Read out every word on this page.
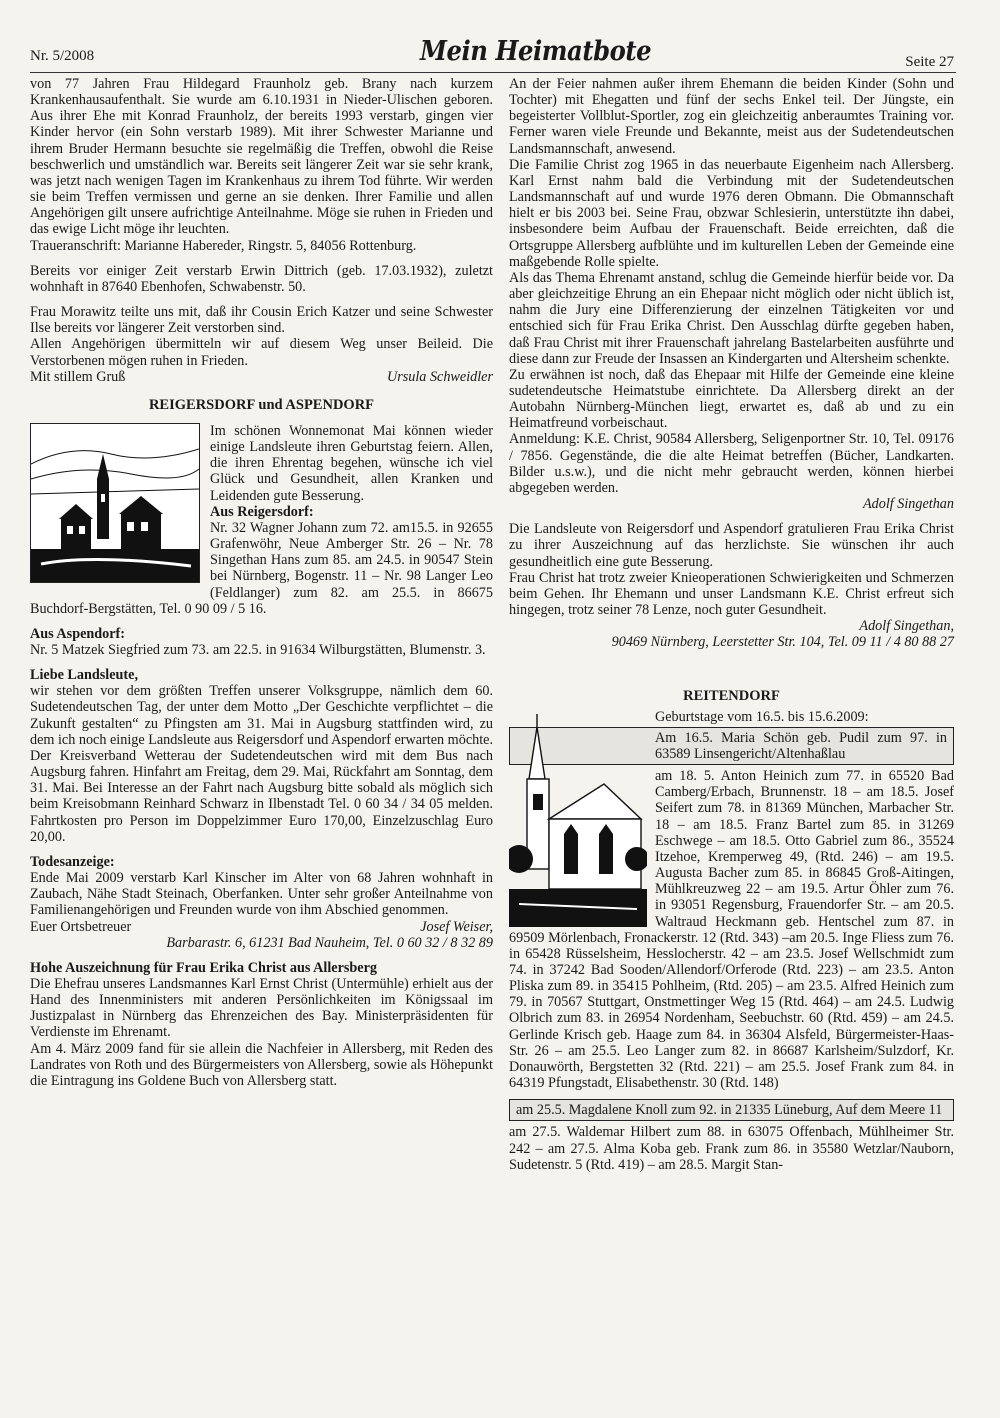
Nr. 5/2008	Mein Heimatbote	Seite 27

von 77 Jahren Frau Hildegard Fraunholz geb. Brany nach kurzem Krankenhausaufenthalt. Sie wurde am 6.10.1931 in Nieder-Ulischen geboren. Aus ihrer Ehe mit Konrad Fraunholz, der bereits 1993 verstarb, gingen vier Kinder hervor (ein Sohn verstarb 1989). Mit ihrer Schwester Marianne und ihrem Bruder Hermann besuchte sie regelmäßig die Treffen, obwohl die Reise beschwerlich und umständlich war. Bereits seit längerer Zeit war sie sehr krank, was jetzt nach wenigen Tagen im Krankenhaus zu ihrem Tod führte. Wir werden sie beim Treffen vermissen und gerne an sie denken. Ihrer Familie und allen Angehörigen gilt unsere aufrichtige Anteilnahme. Möge sie ruhen in Frieden und das ewige Licht möge ihr leuchten.

Traueranschrift: Marianne Habereder, Ringstr. 5, 84056 Rottenburg.

Bereits vor einiger Zeit verstarb Erwin Dittrich (geb. 17.03.1932), zuletzt wohnhaft in 87640 Ebenhofen, Schwabenstr. 50.

Frau Morawitz teilte uns mit, daß ihr Cousin Erich Katzer und seine Schwester Ilse bereits vor längerer Zeit verstorben sind.

Allen Angehörigen übermitteln wir auf diesem Weg unser Beileid. Die Verstorbenen mögen ruhen in Frieden.

Mit stillem Gruß	Ursula Schweidler
REIGERSDORF und ASPENDORF

Im schönen Wonnemonat Mai können wieder einige Landsleute ihren Geburtstag feiern. Allen, die ihren Ehrentag begehen, wünsche ich viel Glück und Gesundheit, allen Kranken und Leidenden gute Besserung.

Aus Reigersdorf:

Nr. 32 Wagner Johann zum 72. am15.5. in 92655 Grafenwöhr, Neue Amberger Str. 26 – Nr. 78 Singethan Hans zum 85. am 24.5. in 90547 Stein bei Nürnberg, Bogenstr. 11 – Nr. 98 Langer Leo (Feldlanger) zum 82. am 25.5. in 86675 Buchdorf-Bergstätten, Tel. 0 90 09 / 5 16.

Aus Aspendorf:

Nr. 5 Matzek Siegfried zum 73. am 22.5. in 91634 Wilburgstätten, Blumenstr. 3.

Liebe Landsleute,

wir stehen vor dem größten Treffen unserer Volksgruppe, nämlich dem 60. Sudetendeutschen Tag, der unter dem Motto „Der Geschichte verpflichtet – die Zukunft gestalten“ zu Pfingsten am 31. Mai in Augsburg stattfinden wird, zu dem ich noch einige Landsleute aus Reigersdorf und Aspendorf erwarten möchte. Der Kreisverband Wetterau der Sudetendeutschen wird mit dem Bus nach Augsburg fahren. Hinfahrt am Freitag, dem 29. Mai, Rückfahrt am Sonntag, dem 31. Mai. Bei Interesse an der Fahrt nach Augsburg bitte sobald als möglich sich beim Kreisobmann Reinhard Schwarz in Ilbenstadt Tel. 0 60 34 / 34 05 melden. Fahrtkosten pro Person im Doppelzimmer Euro 170,00, Einzelzuschlag Euro 20,00.

Todesanzeige:

Ende Mai 2009 verstarb Karl Kinscher im Alter von 68 Jahren wohnhaft in Zaubach, Nähe Stadt Steinach, Oberfanken. Unter sehr großer Anteilnahme von Familienangehörigen und Freunden wurde von ihm Abschied genommen.

Euer Ortsbetreuer	Josef Weiser,
Barbarastr. 6, 61231 Bad Nauheim, Tel. 0 60 32 / 8 32 89
Hohe Auszeichnung für Frau Erika Christ aus Allersberg

Die Ehefrau unseres Landsmannes Karl Ernst Christ (Untermühle) erhielt aus der Hand des Innenministers mit anderen Persönlichkeiten im Königssaal im Justizpalast in Nürnberg das Ehrenzeichen des Bay. Ministerpräsidenten für Verdienste im Ehrenamt.

Am 4. März 2009 fand für sie allein die Nachfeier in Allersberg, mit Reden des Landrates von Roth und des Bürgermeisters von Allersberg, sowie als Höhepunkt die Eintragung ins Goldene Buch von Allersberg statt.

An der Feier nahmen außer ihrem Ehemann die beiden Kinder (Sohn und Tochter) mit Ehegatten und fünf der sechs Enkel teil. Der Jüngste, ein begeisterter Vollblut-Sportler, zog ein gleichzeitig anberaumtes Training vor. Ferner waren viele Freunde und Bekannte, meist aus der Sudetendeutschen Landsmannschaft, anwesend.

Die Familie Christ zog 1965 in das neuerbaute Eigenheim nach Allersberg. Karl Ernst nahm bald die Verbindung mit der Sudetendeutschen Landsmannschaft auf und wurde 1976 deren Obmann. Die Obmannschaft hielt er bis 2003 bei. Seine Frau, obzwar Schlesierin, unterstützte ihn dabei, insbesondere beim Aufbau der Frauenschaft. Beide erreichten, daß die Ortsgruppe Allersberg aufblühte und im kulturellen Leben der Gemeinde eine maßgebende Rolle spielte.

Als das Thema Ehrenamt anstand, schlug die Gemeinde hierfür beide vor. Da aber gleichzeitige Ehrung an ein Ehepaar nicht möglich oder nicht üblich ist, nahm die Jury eine Differenzierung der einzelnen Tätigkeiten vor und entschied sich für Frau Erika Christ. Den Ausschlag dürfte gegeben haben, daß Frau Christ mit ihrer Frauenschaft jahrelang Bastelarbeiten ausführte und diese dann zur Freude der Insassen an Kindergarten und Altersheim schenkte.

Zu erwähnen ist noch, daß das Ehepaar mit Hilfe der Gemeinde eine kleine sudetendeutsche Heimatstube einrichtete. Da Allersberg direkt an der Autobahn Nürnberg-München liegt, erwartet es, daß ab und zu ein Heimatfreund vorbeischaut.

Anmeldung: K.E. Christ, 90584 Allersberg, Seligenportner Str. 10, Tel. 09176 / 7856. Gegenstände, die die alte Heimat betreffen (Bücher, Landkarten. Bilder u.s.w.), und die nicht mehr gebraucht werden, können hierbei abgegeben werden.

Adolf Singethan

Die Landsleute von Reigersdorf und Aspendorf gratulieren Frau Erika Christ zu ihrer Auszeichnung auf das herzlichste. Sie wünschen ihr auch gesundheitlich eine gute Besserung.

Frau Christ hat trotz zweier Knieoperationen Schwierigkeiten und Schmerzen beim Gehen. Ihr Ehemann und unser Landsmann K.E. Christ erfreut sich hingegen, trotz seiner 78 Lenze, noch guter Gesundheit.

Adolf Singethan,
90469 Nürnberg, Leerstetter Str. 104, Tel. 09 11 / 4 80 88 27
REITENDORF

Geburtstage vom 16.5. bis 15.6.2009:

Am 16.5. Maria Schön geb. Pudil zum 97. in 63589 Linsengericht/Altenhaßlau

am 18. 5. Anton Heinich zum 77. in 65520 Bad Camberg/Erbach, Brunnenstr. 18 – am 18.5. Josef Seifert zum 78. in 81369 München, Marbacher Str. 18 – am 18.5. Franz Bartel zum 85. in 31269 Eschwege – am 18.5. Otto Gabriel zum 86., 35524 Itzehoe, Kremperweg 49, (Rtd. 246) – am 19.5. Augusta Bacher zum 85. in 86845 Groß-Aitingen, Mühlkreuzweg 22 – am 19.5. Artur Öhler zum 76. in 93051 Regensburg, Frauendorfer Str. – am 20.5. Waltraud Heckmann geb. Hentschel zum 87. in 69509 Mörlenbach, Fronackerstr. 12 (Rtd. 343) –am 20.5. Inge Fliess zum 76. in 65428 Rüsselsheim, Hesslocherstr. 42 – am 23.5. Josef Wellschmidt zum 74. in 37242 Bad Sooden/Allendorf/Orferode (Rtd. 223) – am 23.5. Anton Pliska zum 89. in 35415 Pohlheim, (Rtd. 205) – am 23.5. Alfred Heinich zum 79. in 70567 Stuttgart, Onstmettinger Weg 15 (Rtd. 464) – am 24.5. Ludwig Olbrich zum 83. in 26954 Nordenham, Seebuchstr. 60 (Rtd. 459) – am 24.5. Gerlinde Krisch geb. Haage zum 84. in 36304 Alsfeld, Bürgermeister-Haas-Str. 26 – am 25.5. Leo Langer zum 82. in 86687 Karlsheim/Sulzdorf, Kr. Donauwörth, Bergstetten 32 (Rtd. 221) – am 25.5. Josef Frank zum 84. in 64319 Pfungstadt, Elisabethenstr. 30 (Rtd. 148)

am 25.5. Magdalene Knoll zum 92. in 21335 Lüneburg, Auf dem Meere 11

am 27.5. Waldemar Hilbert zum 88. in 63075 Offenbach, Mühlheimer Str. 242 – am 27.5. Alma Koba geb. Frank zum 86. in 35580 Wetzlar/Nauborn, Sudetenstr. 5 (Rtd. 419) – am 28.5. Margit Stan-
